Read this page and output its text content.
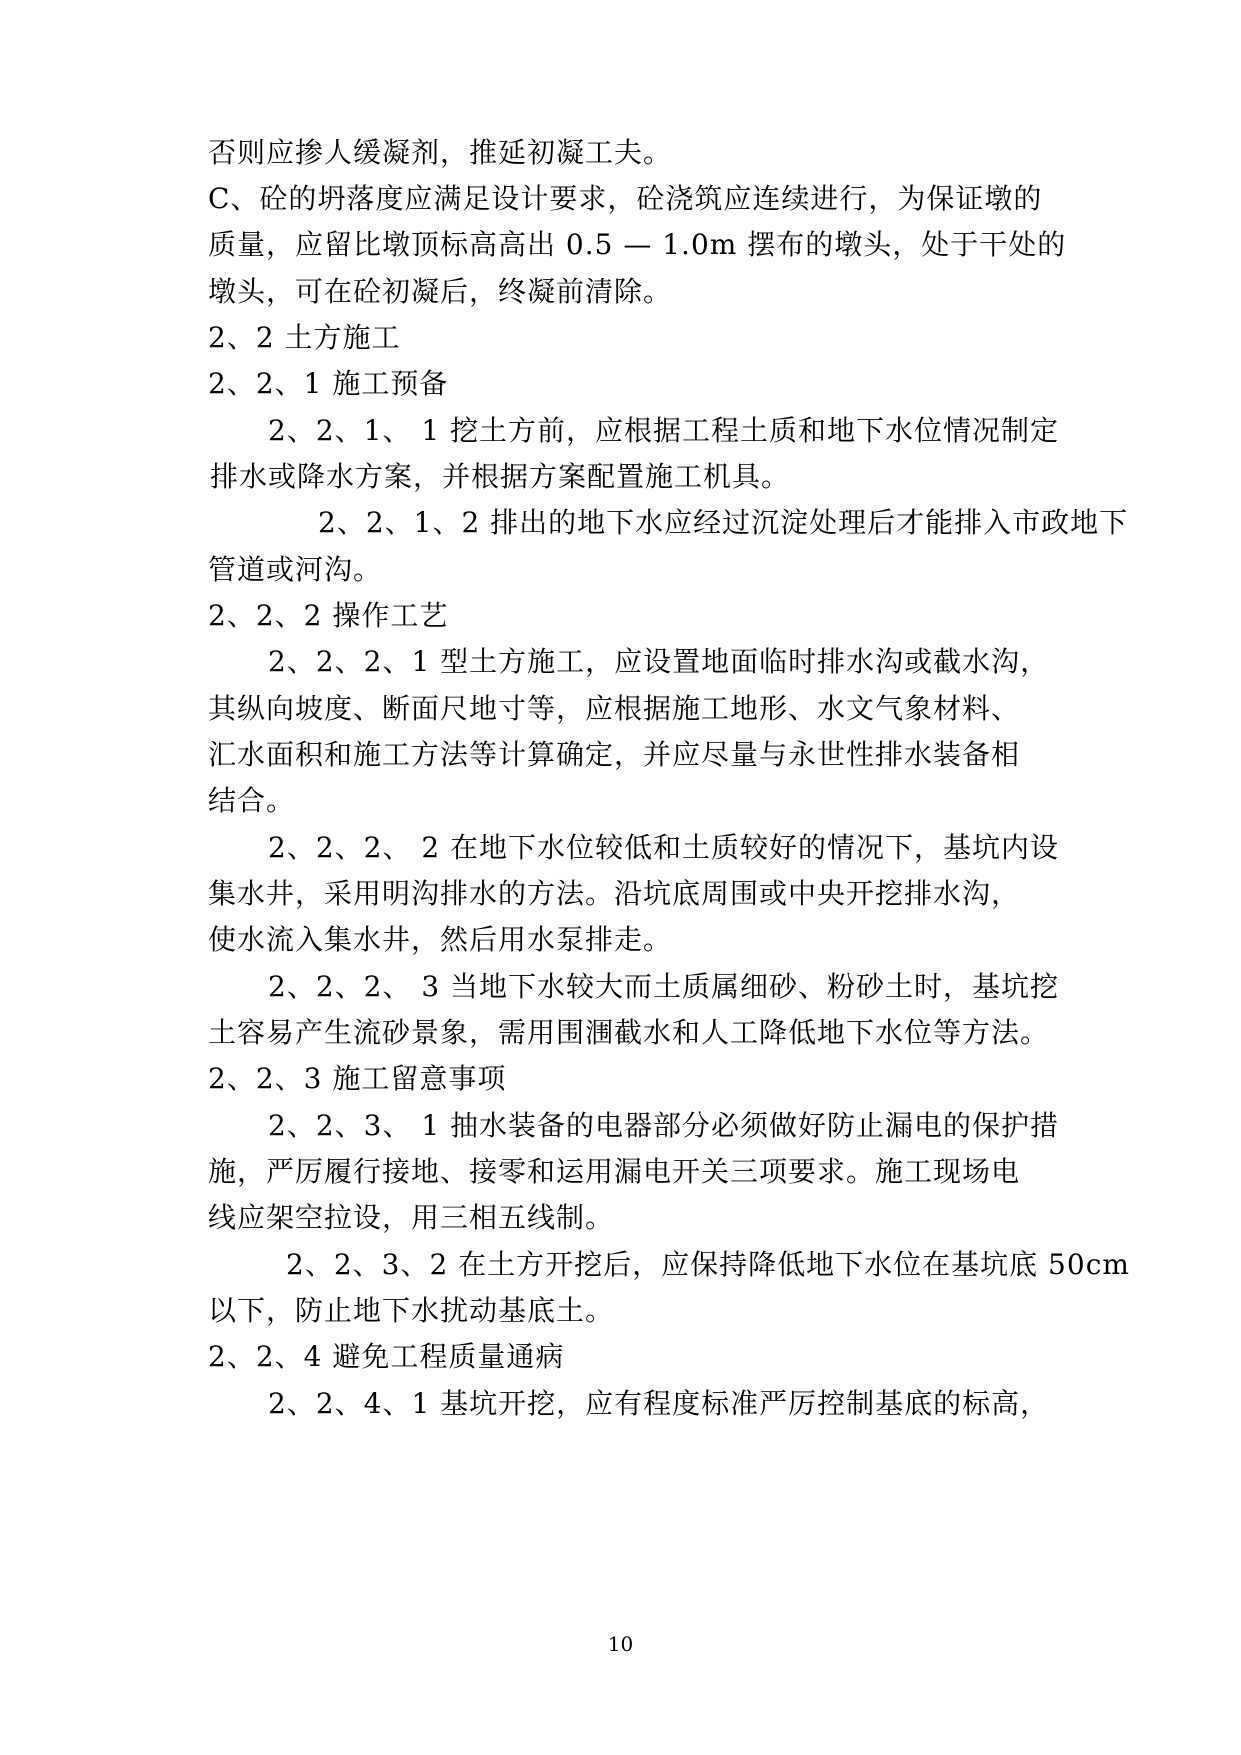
否则应掺人缓凝剂，推延初凝工夫。
C、砼的坍落度应满足设计要求，砼浇筑应连续进行，为保证墩的
质量，应留比墩顶标高高出 0.5 — 1.0m 摆布的墩头，处于干处的
墩头，可在砼初凝后，终凝前清除。
2、2 土方施工
2、2、1 施工预备
2、2、1、 1 挖土方前，应根据工程土质和地下水位情况制定
排水或降水方案，并根据方案配置施工机具。
2、2、1、2 排出的地下水应经过沉淀处理后才能排入市政地下
管道或河沟。
2、2、2 操作工艺
2、2、2、1 型土方施工，应设置地面临时排水沟或截水沟，
其纵向坡度、断面尺地寸等，应根据施工地形、水文气象材料、
汇水面积和施工方法等计算确定，并应尽量与永世性排水装备相
结合。
2、2、2、 2 在地下水位较低和土质较好的情况下，基坑内设
集水井，采用明沟排水的方法。沿坑底周围或中央开挖排水沟，
使水流入集水井，然后用水泵排走。
2、2、2、 3 当地下水较大而土质属细砂、粉砂土时，基坑挖
土容易产生流砂景象，需用围涠截水和人工降低地下水位等方法。
2、2、3 施工留意事项
2、2、3、 1 抽水装备的电器部分必须做好防止漏电的保护措
施，严厉履行接地、接零和运用漏电开关三项要求。施工现场电
线应架空拉设，用三相五线制。
2、2、3、2 在土方开挖后，应保持降低地下水位在基坑底 50cm
以下，防止地下水扰动基底土。
2、2、4 避免工程质量通病
2、2、4、1 基坑开挖，应有程度标准严厉控制基底的标高，
10
